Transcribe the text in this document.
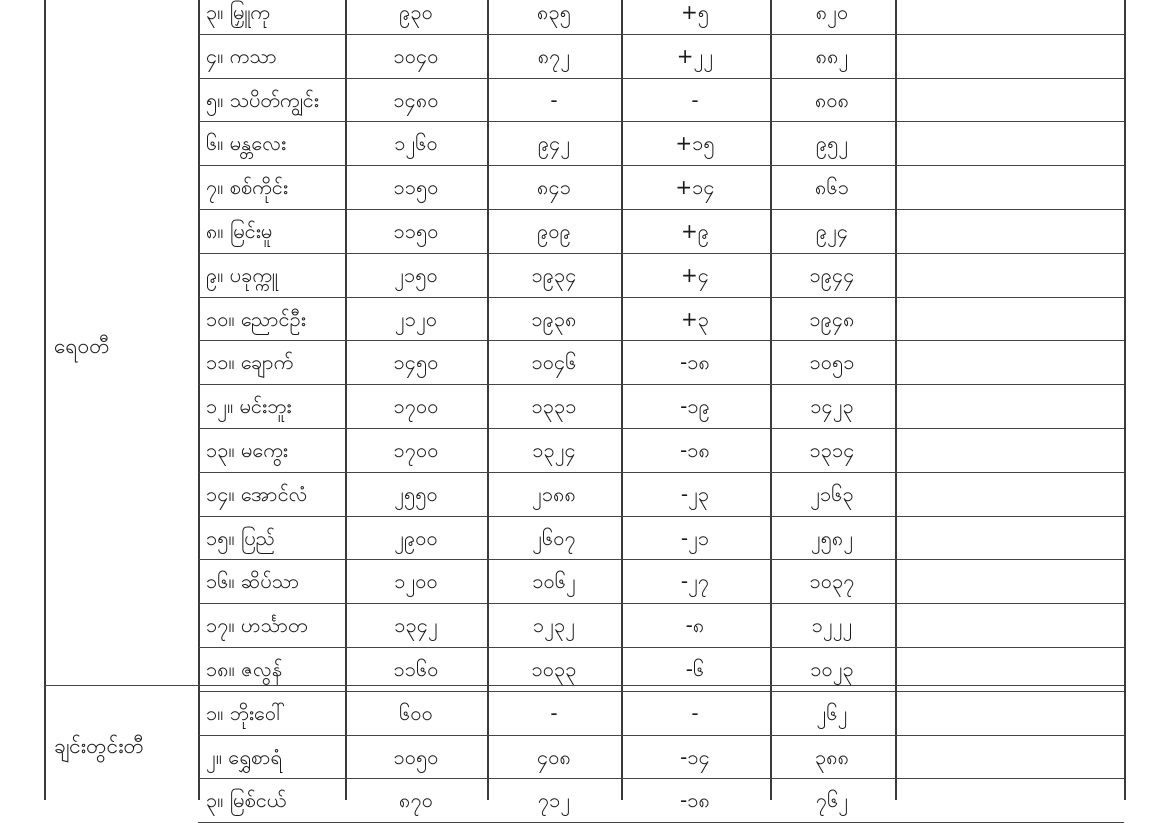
၃။ မြှူကု	၉၃၀	၈၃၅	+၅	၈၂၀
၄။ ကသာ	၁၀၄၀	၈၇၂	+၂၂	၈၈၂
၅။ သပိတ်ကျွင်း	၁၄၈၀	-	-	၈၀၈
၆။ မန္တလေး	၁၂၆၀	၉၄၂	+၁၅	၉၅၂
၇။ စစ်ကိုင်း	၁၁၅၀	၈၄၁	+၁၄	၈၆၁
၈။ မြင်းမူ	၁၁၅၀	၉၀၉	+၉	၉၂၄
၉။ ပခုက္ကူ	၂၁၅၀	၁၉၃၄	+၄	၁၉၄၄
၁၀။ ညောင်ဦး	၂၁၂၀	၁၉၃၈	+၃	၁၉၄၈
၁၁။ ချောက်	၁၄၅၀	၁၀၄၆	-၁၈	၁၀၅၁
၁၂။ မင်းဘူး	၁၇၀၀	၁၃၃၁	-၁၉	၁၄၂၃
၁၃။ မကွေး	၁၇၀၀	၁၃၂၄	-၁၈	၁၃၁၄
၁၄။ အောင်လံ	၂၅၅၀	၂၁၈၈	-၂၃	၂၁၆၃
၁၅။ ပြည်	၂၉၀၀	၂၆၀၇	-၂၁	၂၅၈၂
၁၆။ ဆိပ်သာ	၁၂၀၀	၁၀၆၂	-၂၇	၁၀၃၇
၁၇။ ဟင်္သာတ	၁၃၄၂	၁၂၃၂	-၈	၁၂၂၂
၁၈။ ဇလွန်	၁၁၆၀	၁၀၃၃	-၆	၁၀၂၃
ရေဝတီ
၁။ ဘိုးဝေါ်	၆၀၀	-	-	၂၆၂
၂။ ရွှေစာရံ	၁၀၅၀	၄၀၈	-၁၄	၃၈၈
၃။ မြစ်ငယ်	၈၇၀	၇၁၂	-၁၈	၇၆၂
ချင်းတွင်းတီ
